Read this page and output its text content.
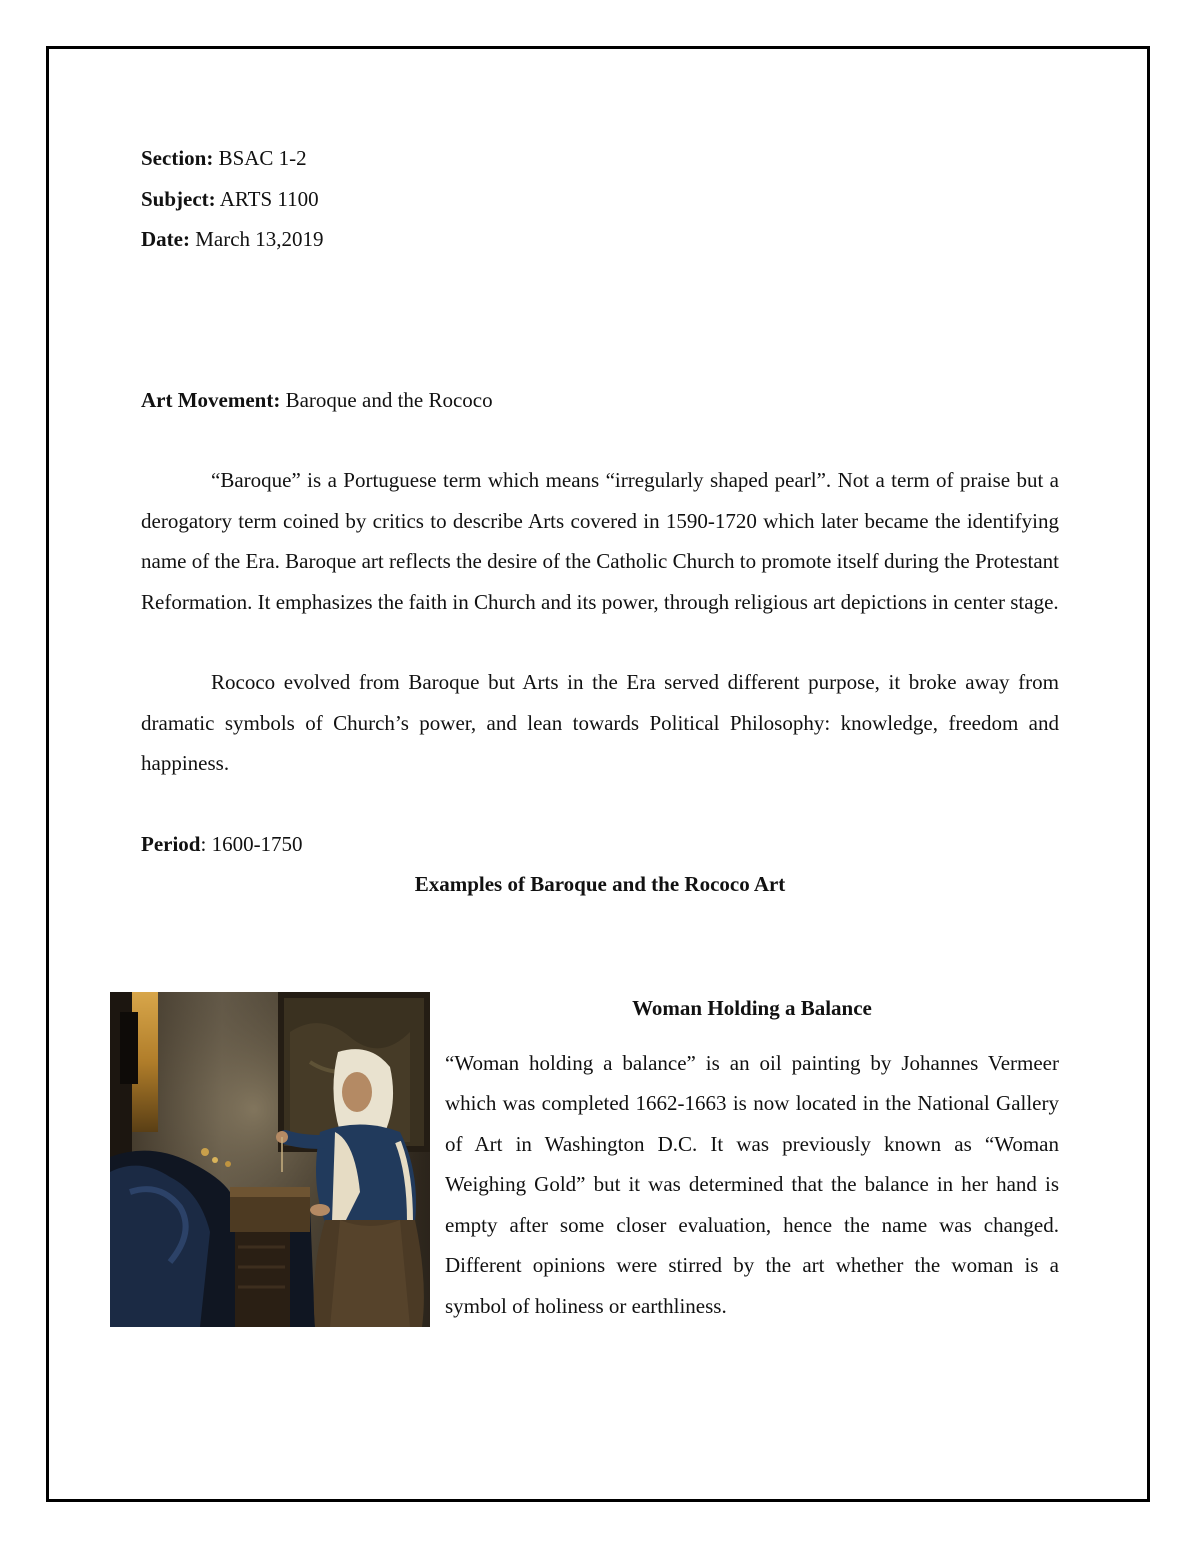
Section: BSAC 1-2

Subject: ARTS 1100

Date: March 13,2019

Art Movement: Baroque and the Rococo

“Baroque” is a Portuguese term which means “irregularly shaped pearl”. Not a term of praise but a derogatory term coined by critics to describe Arts covered in 1590-1720 which later became the identifying name of the Era. Baroque art reflects the desire of the Catholic Church to promote itself during the Protestant Reformation. It emphasizes the faith in Church and its power, through religious art depictions in center stage.

Rococo evolved from Baroque but Arts in the Era served different purpose, it broke away from dramatic symbols of Church’s power, and lean towards Political Philosophy: knowledge, freedom and happiness.

Period: 1600-1750

Examples of Baroque and the Rococo Art

Woman Holding a Balance

“Woman holding a balance” is an oil painting by Johannes Vermeer which was completed 1662-1663 is now located in the National Gallery of Art in Washington D.C. It was previously known as “Woman Weighing Gold” but it was determined that the balance in her hand is empty after some closer evaluation, hence the name was changed. Different opinions were stirred by the art whether the woman is a symbol of holiness or earthliness.
